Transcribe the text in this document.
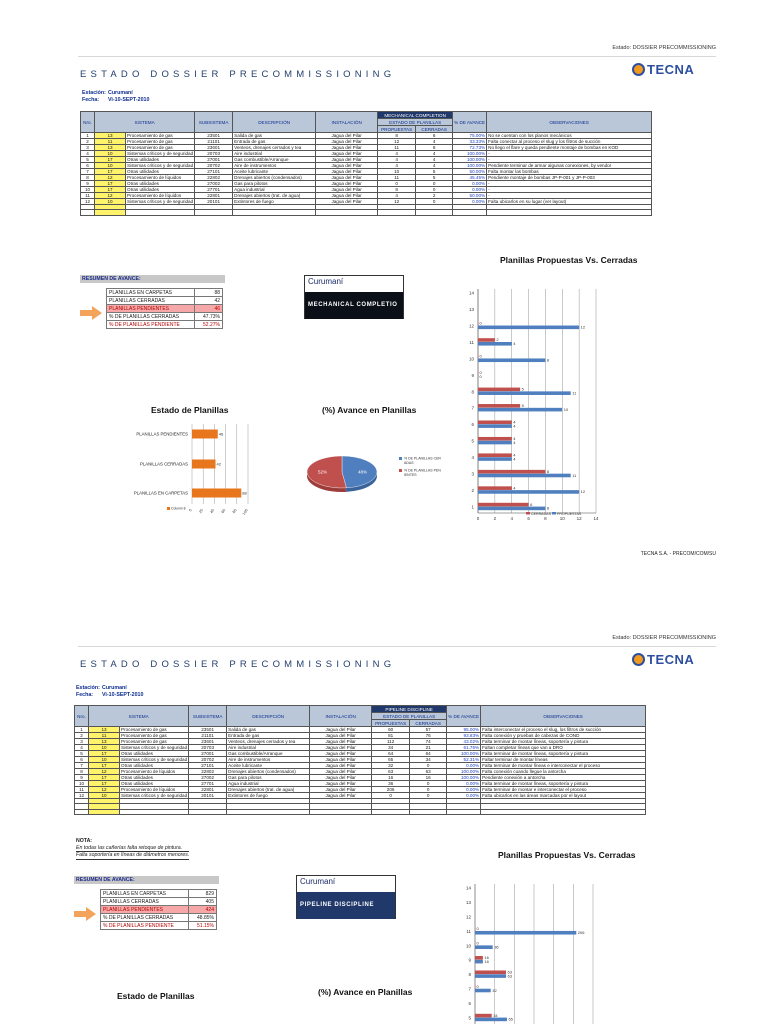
Estado: DOSSIER PRECOMMISSIONING
ESTADO DOSSIER PRECOMMISSIONING	TECNA
Estación: Curumaní
Fecha: Vi-10-SEPT-2010
Nro.	SISTEMA		SUBSISTEMA	DESCRIPCIÓN	INSTALACIÓN	MECHANICAL COMPLETION		% DE AVANCE	OBSERVACIONES
						ESTADO DE PLANILLAS			
						PROPUESTAS	CERRADAS		
1	13	Procesamiento de gas	23501	Salida de gas	Jagua del Pilar	8	6	75.00%	No se cuentan con los planos mecánicos
2	11	Procesamiento de gas	21101	Entrada de gas	Jagua del Pilar	12	4	33.33%	Falta conectar al proceso el slug y los filtros de succión
3	13	Procesamiento de gas	23601	Venteos, drenajes cerrados y tea	Jagua del Pilar	11	8	72.73%	No llego el flare y queda pendiente montaje de bombas en KOD
4	10	Sistemas críticos y de seguridad	20703	Aire industrial	Jagua del Pilar	4	4	100.00%	-
5	17	Otras utilidades	27001	Gas combustible/Arranque	Jagua del Pilar	4	4	100.00%	-
6	10	Sistemas críticos y de seguridad	20702	Aire de instrumentos	Jagua del Pilar	4	4	100.00%	Pendiente terminar de armar algunas conexiones, by vendor
7	17	Otras utilidades	27101	Aceite lubricante	Jagua del Pilar	10	5	50.00%	Falta montar las bombas
8	12	Procesamiento de líquidos	22802	Drenajes abiertos (condensados)	Jagua del Pilar	11	5	45.45%	Pendiente montaje de bombas JP-P-001 y JP-P-003
9	17	Otras utilidades	27002	Gas para pilotos	Jagua del Pilar	0	0	0.00%	-
10	17	Otras utilidades	27701	Agua industrial	Jagua del Pilar	8	0	0.00%	-
11	12	Procesamiento de líquidos	22801	Drenajes abiertos (trat. de agua)	Jagua del Pilar	4	2	50.00%	-
12	10	Sistemas críticos y de seguridad	20101	Extintores de fuego	Jagua del Pilar	12	0	0.00%	Falta ubicarlos en su lugar (ver layout)

RESUMEN DE AVANCE:
PLANILLAS EN CARPETAS	88
PLANILLAS CERRADAS	42
PLANILLAS PENDIENTES	46
% DE PLANILLAS CERRADAS	47.73%
% DE PLANILLAS PENDIENTE	52.27%
Curumaní
MECHANICAL COMPLETIO
Estado de Planillas
0 20 40 60 80 100
PLANILLAS PENDIENTES	46
PLANILLAS CERRADAS	42
PLANILLAS EN CARPETAS	88
Column 8
(%) Avance en Planillas
52%	48%
% DE PLANILLAS CER
ADAS
% DE PLANILLAS PEN
IENTES
Planillas Propuestas Vs. Cerradas
0	2	4	6	8	10	12	14
1
6
8
2
4
12
3
8
11
4
4
4
5
4
4
6
4
4
7
5
10
8
5
11
9
0
0
10
0
8
11
2
4
12
0
12
13
14
CERRADAS PROPUESTAS
TECNA S.A. - PRECOM/COM/SU
Estado: DOSSIER PRECOMMISSIONING
ESTADO DOSSIER PRECOMMISSIONING	TECNA
Estación: Curumaní
Fecha: Vi-10-SEPT-2010
Nro.	SISTEMA		SUBSISTEMA	DESCRIPCIÓN	INSTALACIÓN	PIPELINE DISCIPLINE		% DE AVANCE	OBSERVACIONES
						ESTADO DE PLANILLAS			
						PROPUESTAS	CERRADAS		
1	13	Procesamiento de gas	23501	Salida de gas	Jagua del Pilar	60	57	95.00%	Falta interconectar el proceso el slug, los filtros de succión
2	11	Procesamiento de gas	21101	Entrada de gas	Jagua del Pilar	81	76	93.83%	Falta conexión y pruebas de cabezas de COND
3	13	Procesamiento de gas	23601	Venteos, drenajes cerrados y tea	Jagua del Pilar	112	74	43.02%	Falta terminar de montar líneas, soportería y pintura
4	10	Sistemas críticos y de seguridad	20703	Aire industrial	Jagua del Pilar	34	21	61.76%	Faltan completar líneas que van a DRO
5	17	Otras utilidades	27001	Gas combustible/Arranque	Jagua del Pilar	64	64	100.00%	Falta terminar de montar líneas, soportería y pintura
6	10	Sistemas críticos y de seguridad	20702	Aire de instrumentos	Jagua del Pilar	65	34	52.31%	Faltar terminar de montar líneas
7	17	Otras utilidades	27101	Aceite lubricante	Jagua del Pilar	32	0	0.00%	Falta terminar de montar líneas e interconectar el proceso
8	12	Procesamiento de líquidos	22802	Drenajes abiertos (condensados)	Jagua del Pilar	63	63	100.00%	Falta conexión cuando llegue la antorcha
9	17	Otras utilidades	27002	Gas para pilotos	Jagua del Pilar	16	16	100.00%	Pendiente conexión a antorcha
10	17	Otras utilidades	27701	Agua industrial	Jagua del Pilar	36	0	0.00%	Falta terminar de montar líneas, soportería y pintura
11	12	Procesamiento de líquidos	22801	Drenajes abiertos (trat. de agua)	Jagua del Pilar	206	0	0.00%	Falta terminar de montar e interconectar el proceso
12	10	Sistemas críticos y de seguridad	20101	Extintores de fuego	Jagua del Pilar	0	0	0.00%	Falta ubicarlos en las áreas marcadas por el layout

NOTA:
En todas las cañerías falta retoque de pintura.
Falta soportería en líneas de diámetros menores.
RESUMEN DE AVANCE:
PLANILLAS EN CARPETAS	829
PLANILLAS CERRADAS	405
PLANILLAS PENDIENTES	424
% DE PLANILLAS CERRADAS	48.85%
% DE PLANILLAS PENDIENTE	51.15%
Curumaní
PIPELINE DISCIPLINE
Estado de Planillas	(%) Avance en Planillas
Planillas Propuestas Vs. Cerradas
5
34
65
6
7
0
32
8
63
63
9
16
16
10
0
36
11
0
206
12
13
14
